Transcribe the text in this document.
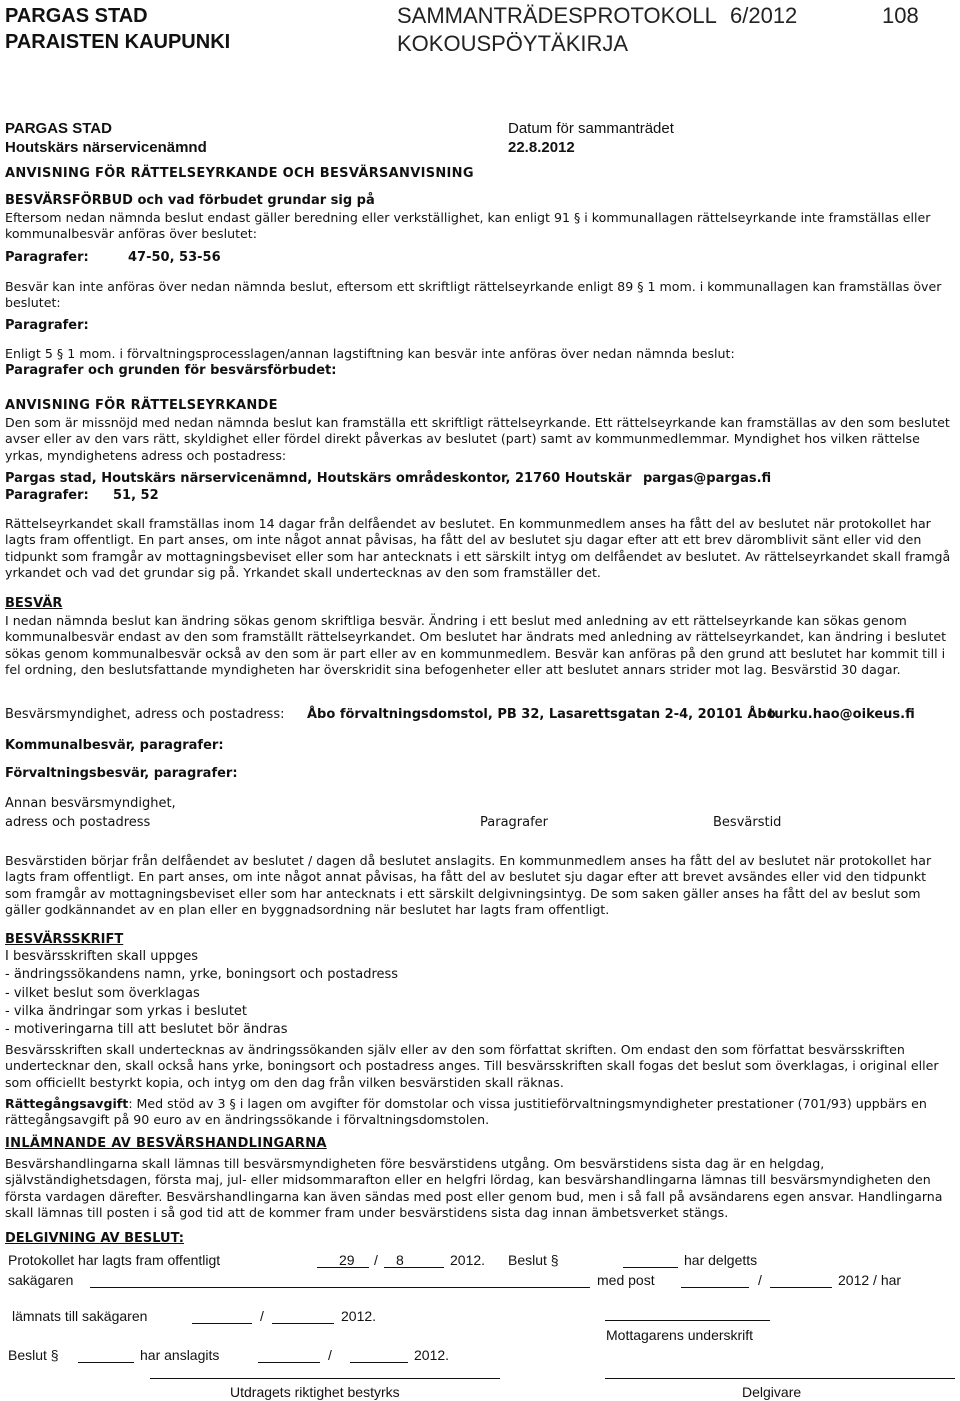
PARGAS STAD
PARAISTEN KAUPUNKI
SAMMANTRÄDESPROTOKOLL
KOKOUSPÖYTÄKIRJA
6/2012	108
PARGAS STAD	Datum för sammanträdet
Houtskärs närservicenämnd	22.8.2012
ANVISNING FÖR RÄTTELSEYRKANDE OCH BESVÄRSANVISNING
BESVÄRSFÖRBUD och vad förbudet grundar sig på
Eftersom nedan nämnda beslut endast gäller beredning eller verkställighet, kan enligt 91 § i kommunallagen rättelseyrkande inte framställas eller kommunalbesvär anföras över beslutet:
Paragrafer:	47-50, 53-56
Besvär kan inte anföras över nedan nämnda beslut, eftersom ett skriftligt rättelseyrkande enligt 89 § 1 mom. i kommunallagen kan framställas över beslutet:
Paragrafer:
Enligt 5 § 1 mom. i förvaltningsprocesslagen/annan lagstiftning kan besvär inte anföras över nedan nämnda beslut:
Paragrafer och grunden för besvärsförbudet:
ANVISNING FÖR RÄTTELSEYRKANDE
Den som är missnöjd med nedan nämnda beslut kan framställa ett skriftligt rättelseyrkande. Ett rättelseyrkande kan framställas av den som beslutet avser eller av den vars rätt, skyldighet eller fördel direkt påverkas av beslutet (part) samt av kommunmedlemmar. Myndighet hos vilken rättelse yrkas, myndighetens adress och postadress:
Pargas stad, Houtskärs närservicenämnd, Houtskärs områdeskontor, 21760 Houtskär pargas@pargas.fi
Paragrafer: 51, 52
Rättelseyrkandet skall framställas inom 14 dagar från delfåendet av beslutet. En kommunmedlem anses ha fått del av beslutet när protokollet har lagts fram offentligt. En part anses, om inte något annat påvisas, ha fått del av beslutet sju dagar efter att ett brev däromblivit sänt eller vid den tidpunkt som framgår av mottagningsbeviset eller som har antecknats i ett särskilt intyg om delfåendet av beslutet. Av rättelseyrkandet skall framgå yrkandet och vad det grundar sig på. Yrkandet skall undertecknas av den som framställer det.
BESVÄR
I nedan nämnda beslut kan ändring sökas genom skriftliga besvär. Ändring i ett beslut med anledning av ett rättelseyrkande kan sökas genom kommunalbesvär endast av den som framställt rättelseyrkandet. Om beslutet har ändrats med anledning av rättelseyrkandet, kan ändring i beslutet sökas genom kommunalbesvär också av den som är part eller av en kommunmedlem. Besvär kan anföras på den grund att beslutet har kommit till i fel ordning, den beslutsfattande myndigheten har överskridit sina befogenheter eller att beslutet annars strider mot lag. Besvärstid 30 dagar.
Besvärsmyndighet, adress och postadress: Åbo förvaltningsdomstol, PB 32, Lasarettsgatan 2-4, 20101 Åbo
turku.hao@oikeus.fi
Kommunalbesvär, paragrafer:
Förvaltningsbesvär, paragrafer:
Annan besvärsmyndighet,
adress och postadress	Paragrafer	Besvärstid
Besvärstiden börjar från delfåendet av beslutet / dagen då beslutet anslagits. En kommunmedlem anses ha fått del av beslutet när protokollet har lagts fram offentligt. En part anses, om inte något annat påvisas, ha fått del av beslutet sju dagar efter att brevet avsändes eller vid den tidpunkt som framgår av mottagningsbeviset eller som har antecknats i ett särskilt delgivningsintyg. De som saken gäller anses ha fått del av beslut som gäller godkännandet av en plan eller en byggnadsordning när beslutet har lagts fram offentligt.
BESVÄRSSKRIFT
I besvärsskriften skall uppges
- ändringssökandens namn, yrke, boningsort och postadress
- vilket beslut som överklagas
- vilka ändringar som yrkas i beslutet
- motiveringarna till att beslutet bör ändras
Besvärsskriften skall undertecknas av ändringssökanden själv eller av den som författat skriften. Om endast den som författat besvärsskriften undertecknar den, skall också hans yrke, boningsort och postadress anges. Till besvärsskriften skall fogas det beslut som överklagas, i original eller som officiellt bestyrkt kopia, och intyg om den dag från vilken besvärstiden skall räknas.
Rättegångsavgift: Med stöd av 3 § i lagen om avgifter för domstolar och vissa justitieförvaltningsmyndigheter prestationer (701/93) uppbärs en rättegångsavgift på 90 euro av en ändringssökande i förvaltningsdomstolen.
INLÄMNANDE AV BESVÄRSHANDLINGARNA
Besvärshandlingarna skall lämnas till besvärsmyndigheten före besvärstidens utgång. Om besvärstidens sista dag är en helgdag, självständighetsdagen, första maj, jul- eller midsommarafton eller en helgfri lördag, kan besvärshandlingarna lämnas till besvärsmyndigheten den första vardagen därefter. Besvärshandlingarna kan även sändas med post eller genom bud, men i så fall på avsändarens egen ansvar. Handlingarna skall lämnas till posten i så god tid att de kommer fram under besvärstidens sista dag innan ämbetsverket stängs.
DELGIVNING AV BESLUT:
Protokollet har lagts fram offentligt	29 / 8	2012. Beslut §	har delgetts
sakägaren	med post	/	2012 / har
lämnats till sakägaren	/	2012.
Mottagarens underskrift
Beslut §	har anslagits	/	2012.
Utdragets riktighet bestyrks	Delgivare
